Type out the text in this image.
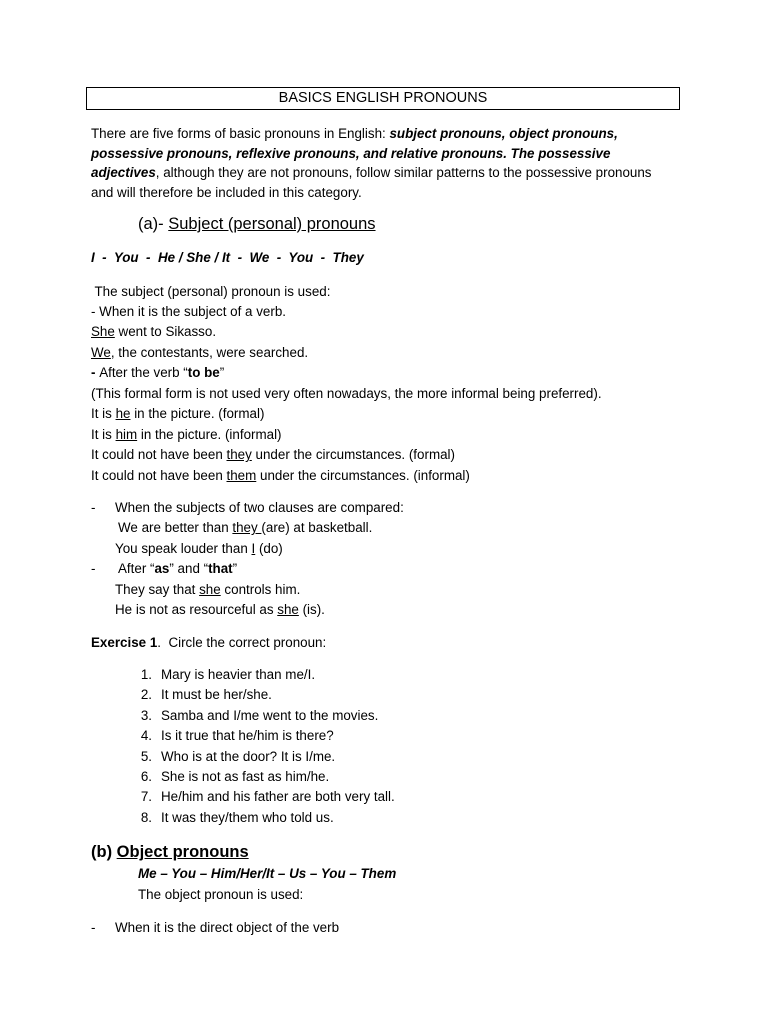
BASICS ENGLISH PRONOUNS
There are five forms of basic pronouns in English: subject pronouns, object pronouns, possessive pronouns, reflexive pronouns, and relative pronouns. The possessive adjectives, although they are not pronouns, follow similar patterns to the possessive pronouns and will therefore be included in this category.
(a)- Subject (personal) pronouns
I  -  You  -  He / She / It  -  We  -  You  -  They
The subject (personal) pronoun is used:
- When it is the subject of a verb.
She went to Sikasso.
We, the contestants, were searched.
- After the verb “to be”
(This formal form is not used very often nowadays, the more informal being preferred).
It is he in the picture. (formal)
It is him in the picture. (informal)
It could not have been they under the circumstances. (formal)
It could not have been them under the circumstances. (informal)
- When the subjects of two clauses are compared:
We are better than they (are) at basketball.
You speak louder than I (do)
- After “as” and “that”
They say that she controls him.
He is not as resourceful as she (is).
Exercise 1.  Circle the correct pronoun:
1. Mary is heavier than me/I.
2. It must be her/she.
3. Samba and I/me went to the movies.
4. Is it true that he/him is there?
5. Who is at the door? It is I/me.
6. She is not as fast as him/he.
7. He/him and his father are both very tall.
8. It was they/them who told us.
(b) Object pronouns
Me – You – Him/Her/It – Us – You – Them
The object pronoun is used:
- When it is the direct object of the verb
